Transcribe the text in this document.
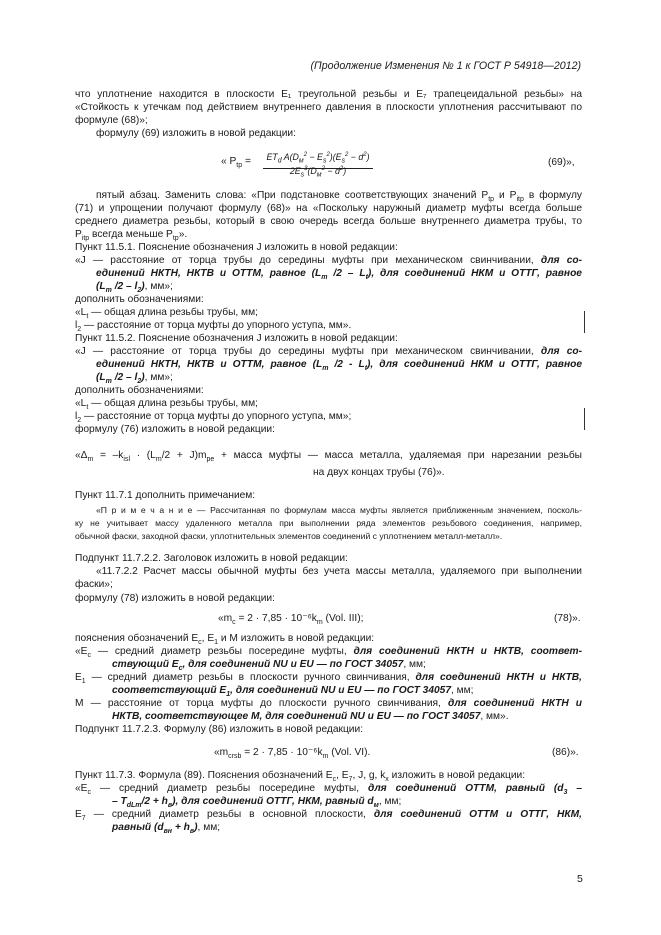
(Продолжение Изменения № 1 к ГОСТ Р 54918—2012)
что уплотнение находится в плоскости E₁ треугольной резьбы и E₇ трапецеидальной резьбы» на
«Стойкость к утечкам под действием внутреннего давления в плоскости уплотнения рассчитывают по
формуле (68)»;
формулу (69) изложить в новой редакции:
« $P_{tp}$ =	$ET_d$ $A(D_м^2 - E_s^2)(E_s^2 - d^2)$
$2E_s^3(D_м^2 - d^2)$
(69)»,
пятый абзац. Заменить слова: «При подстановке соответствующих значений $P_{tp}$ и $P_{itp}$ в формулу
(71) и упрощении получают формулу (68)» на «Поскольку наружный диаметр муфты всегда больше
среднего диаметра резьбы, который в свою очередь всегда больше внутреннего диаметра трубы, то
$P_{itp}$ всегда меньше $P_{tp}$».
Пункт 11.5.1. Пояснение обозначения J изложить в новой редакции:
«J — расстояние от торца трубы до середины муфты при механическом свинчивании, для со-
единений НКТН, НКТВ и ОТТМ, равное ($L_m$ $/2 - L_t$), для соединений НКМ и ОТТГ, равное
($L_m$ $/2 - l_2$), мм»;
дополнить обозначениями:
«$L_t$ — общая длина резьбы трубы, мм;
$l_2$ — расстояние от торца муфты до упорного уступа, мм».
Пункт 11.5.2. Пояснение обозначения J изложить в новой редакции:
«J — расстояние от торца трубы до середины муфты при механическом свинчивании, для со-
единений НКТН, НКТВ и ОТТМ, равное ($L_m$ $/2 - L_t$), для соединений НКМ и ОТТГ, равное
($L_m$ $/2 - l_2$), мм»;
дополнить обозначениями:
«$L_t$ — общая длина резьбы трубы, мм;
$l_2$ — расстояние от торца муфты до упорного уступа, мм»;
формулу (76) изложить в новой редакции:
«$\Delta_m = -k_{isl} \cdot (L_m/2 + J)m_{pe}$ + масса муфты — масса металла, удаляемая при нарезании резьбы
на двух концах трубы (76)».
Пункт 11.7.1 дополнить примечанием:
«П р и м е ч а н и е — Рассчитанная по формулам масса муфты является приближенным значением, посколь-
ку не учитывает массу удаленного металла при выполнении ряда элементов резьбового соединения, например,
обычной фаски, заходной фаски, уплотнительных элементов соединений с уплотнением металл-металл».
Подпункт 11.7.2.2. Заголовок изложить в новой редакции:
«11.7.2.2 Расчет массы обычной муфты без учета массы металла, удаляемого при выполнении
фаски»;
формулу (78) изложить в новой редакции:
«$m_c = 2 \cdot 7,85 \cdot 10^{-6}k_m$ (Vol. III);	(78)».
пояснения обозначений $E_c$, $E_1$ и M изложить в новой редакции:
«$E_c$ — средний диаметр резьбы посередине муфты, для соединений НКТН и НКТВ, соответ-
ствующий $E_c$, для соединений NU и EU — по ГОСТ 34057, мм;
$E_1$ — средний диаметр резьбы в плоскости ручного свинчивания, для соединений НКТН и НКТВ,
соответствующий $E_1$, для соединений NU и EU — по ГОСТ 34057, мм;
M — расстояние от торца муфты до плоскости ручного свинчивания, для соединений НКТН и
НКТВ, соответствующее M, для соединений NU и EU — по ГОСТ 34057, мм».
Подпункт 11.7.2.3. Формулу (86) изложить в новой редакции:
«$m_{crsb} = 2 \cdot 7,85 \cdot 10^{-6}k_m$ (Vol. VI).	(86)».
Пункт 11.7.3. Формула (89). Пояснения обозначений $E_c$, $E_7$, J, g, $k_x$ изложить в новой редакции:
«$E_c$ — средний диаметр резьбы посередине муфты, для соединений ОТТМ, равный ($d_3$ –
– $T_{dLm}/2 + h_в$), для соединений ОТТГ, НКМ, равный $d_м$, мм;
$E_7$ — средний диаметр резьбы в основной плоскости, для соединений ОТТМ и ОТТГ, НКМ,
равный $(d_{вн} + h_в)$, мм;
5
